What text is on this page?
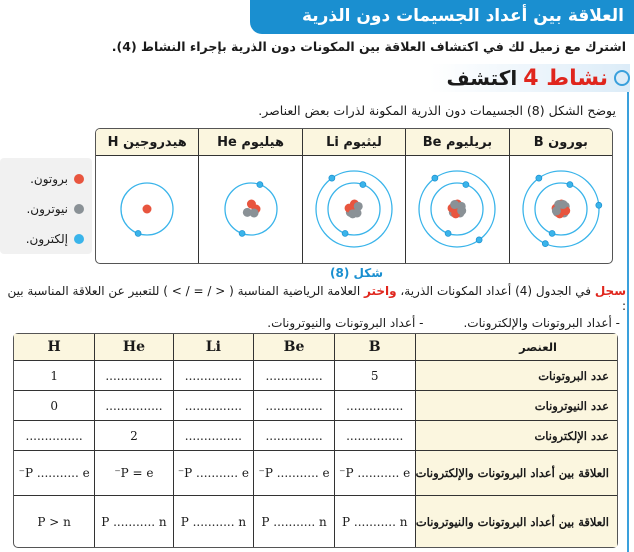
العلاقة بين أعداد الجسيمات دون الذرية
اشترك مع زميل لك في اكتشاف العلاقة بين المكونات دون الذرية بإجراء النشاط (4).
نشاط 4
اكتشف
يوضح الشكل (8) الجسيمات دون الذرية المكونة لذرات بعض العناصر.
بورون B
بريليوم Be
ليثيوم Li
هيليوم He
هيدروجين H
بروتون.
نيوترون.
إلكترون.
شكل (8)
سجل في الجدول (4) أعداد المكونات الذرية، واختر العلامة الرياضية المناسبة ( < / = / > ) للتعبير عن العلاقة المناسبة بين :
- أعداد البروتونات والإلكترونات.
- أعداد البروتونات والنيوترونات.
العنصر	B	Be	Li	He	H
عدد البروتونات	5	...............	...............	...............	1
عدد النيوترونات	...............	...............	...............	...............	0
عدد الإلكترونات	...............	...............	...............	2	...............
العلاقة بين أعداد البروتونات والإلكترونات	P ........... e⁻	P ........... e⁻	P ........... e⁻	P = e⁻	P ........... e⁻
العلاقة بين أعداد البروتونات والنيوترونات	P ........... n	P ........... n	P ........... n	P ........... n	P > n
